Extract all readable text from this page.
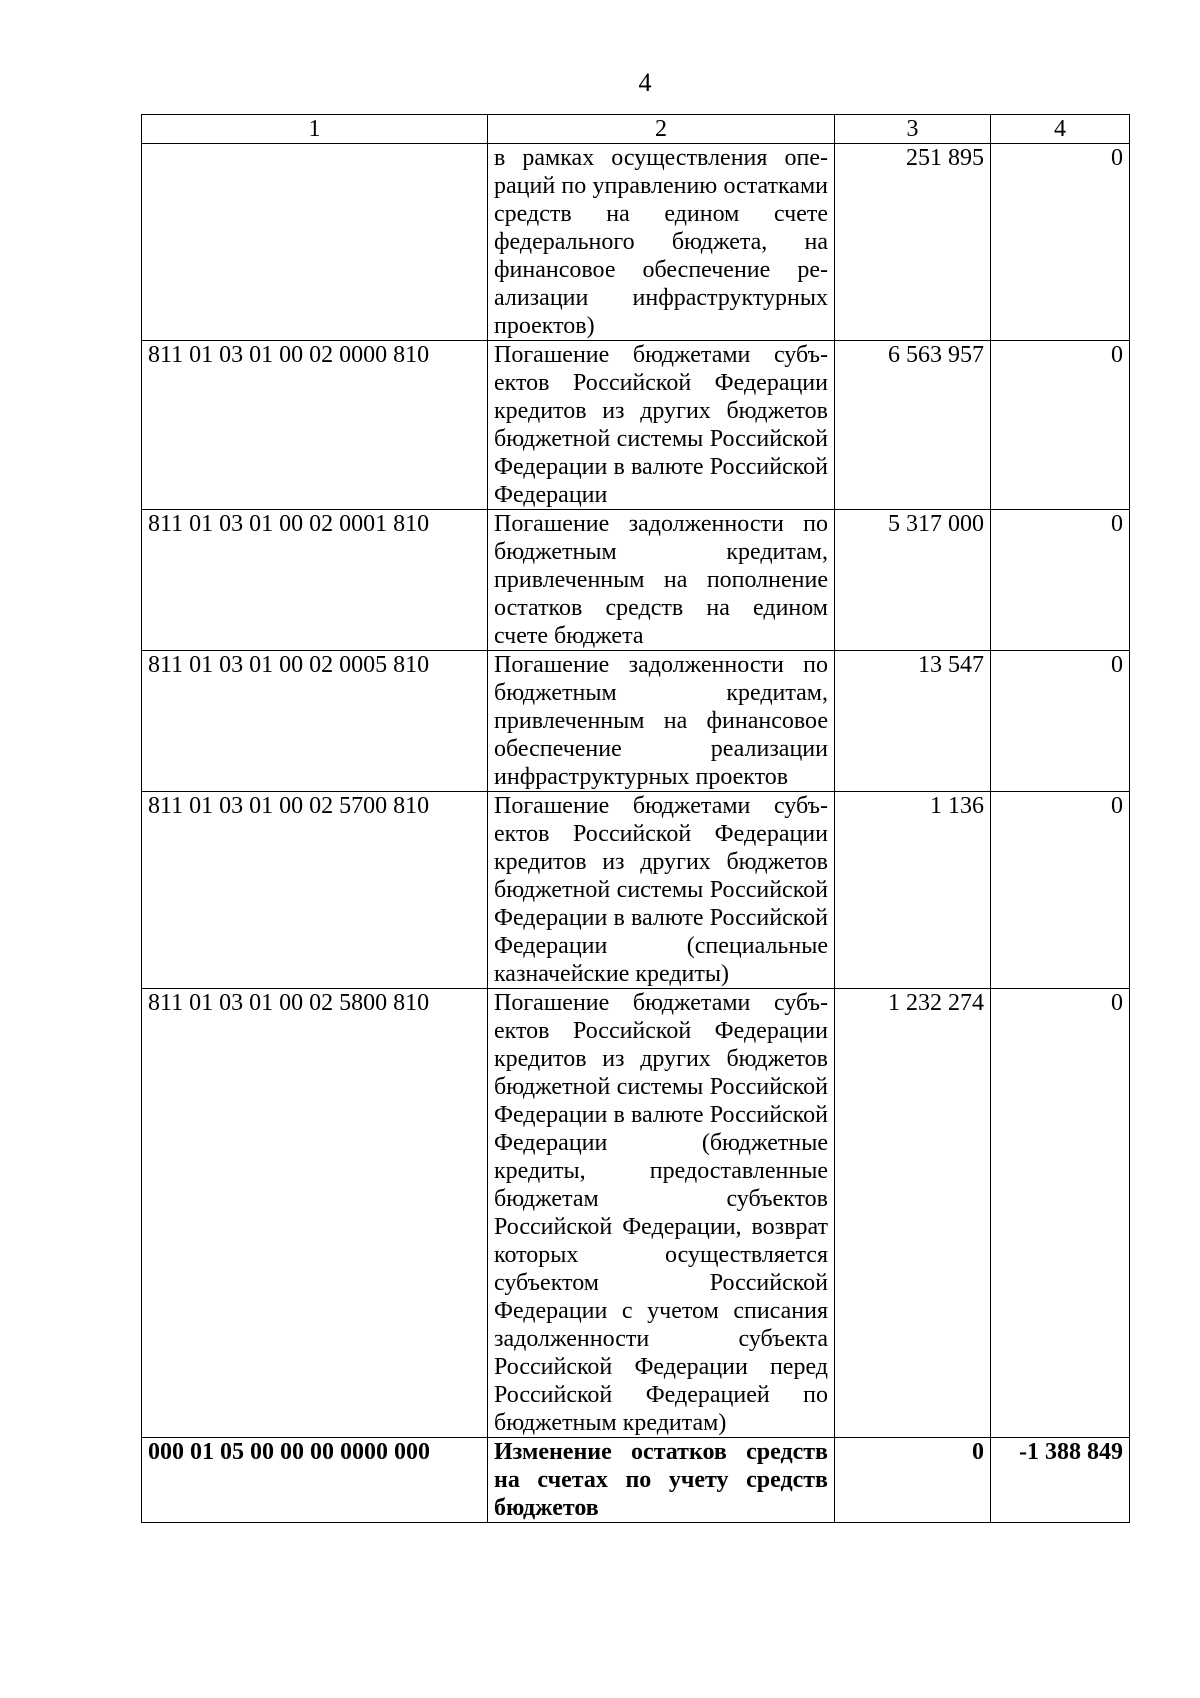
4
1	2	3	4
	в рамках осуществления операций по управлению остатками средств на едином счете федерального бюджета, на финансовое обеспечение реализации инфраструктурных проектов)	251 895	0
811 01 03 01 00 02 0000 810	Погашение бюджетами субъектов Российской Федерации кредитов из других бюджетов бюджетной системы Российской Федерации в валюте Российской Федерации	6 563 957	0
811 01 03 01 00 02 0001 810	Погашение задолженности по бюджетным кредитам, привлеченным на пополнение остатков средств на едином счете бюджета	5 317 000	0
811 01 03 01 00 02 0005 810	Погашение задолженности по бюджетным кредитам, привлеченным на финансовое обеспечение реализации инфраструктурных проектов	13 547	0
811 01 03 01 00 02 5700 810	Погашение бюджетами субъектов Российской Федерации кредитов из других бюджетов бюджетной системы Российской Федерации в валюте Российской Федерации (специальные казначейские кредиты)	1 136	0
811 01 03 01 00 02 5800 810	Погашение бюджетами субъектов Российской Федерации кредитов из других бюджетов бюджетной системы Российской Федерации в валюте Российской Федерации (бюджетные кредиты, предоставленные бюджетам субъектов Российской Федерации, возврат которых осуществляется субъектом Российской Федерации с учетом списания задолженности субъекта Российской Федерации перед Российской Федерацией по бюджетным кредитам)	1 232 274	0
000 01 05 00 00 00 0000 000	Изменение остатков средств на счетах по учету средств бюджетов	0	-1 388 849
